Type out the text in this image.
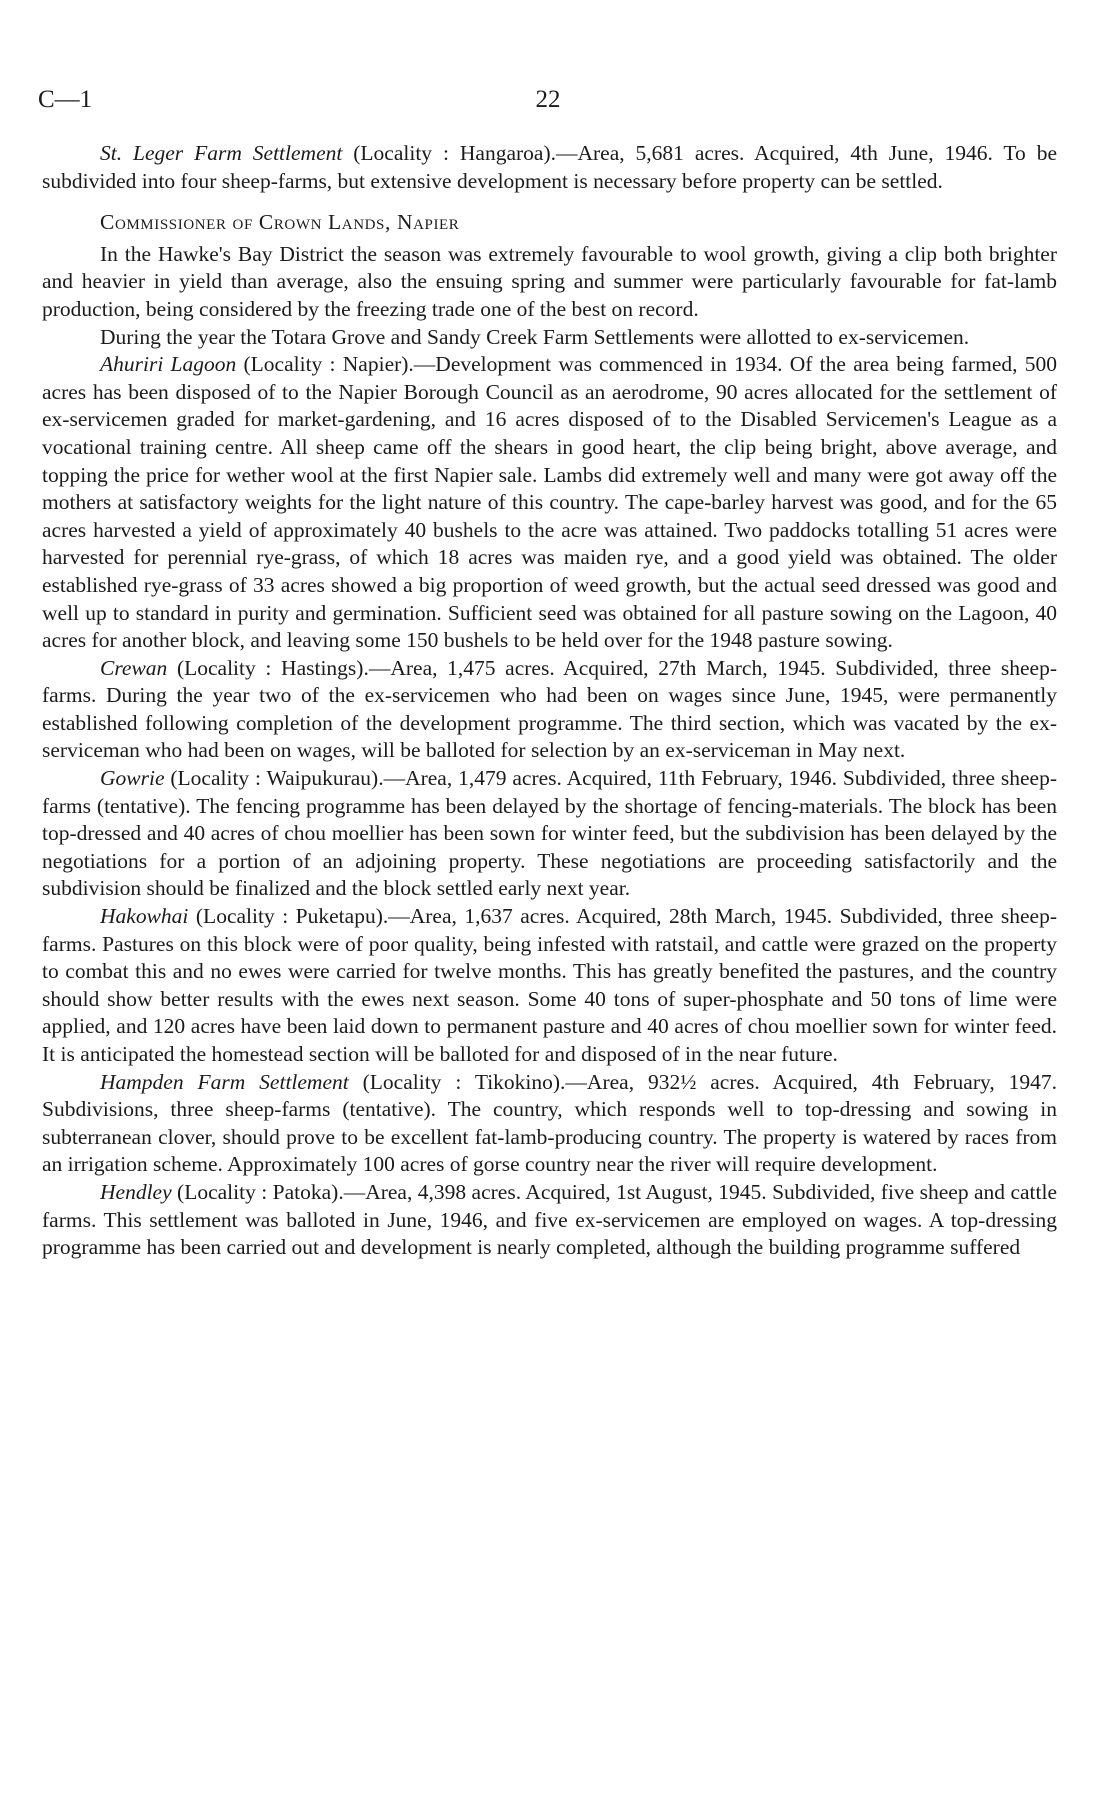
C—1	22

St. Leger Farm Settlement (Locality : Hangaroa).—Area, 5,681 acres. Acquired, 4th June, 1946. To be subdivided into four sheep-farms, but extensive development is necessary before property can be settled.

Commissioner of Crown Lands, Napier

In the Hawke's Bay District the season was extremely favourable to wool growth, giving a clip both brighter and heavier in yield than average, also the ensuing spring and summer were particularly favourable for fat-lamb production, being considered by the freezing trade one of the best on record.

During the year the Totara Grove and Sandy Creek Farm Settlements were allotted to ex-servicemen.

Ahuriri Lagoon (Locality : Napier).—Development was commenced in 1934. Of the area being farmed, 500 acres has been disposed of to the Napier Borough Council as an aerodrome, 90 acres allocated for the settlement of ex-servicemen graded for market-gardening, and 16 acres disposed of to the Disabled Servicemen's League as a vocational training centre. All sheep came off the shears in good heart, the clip being bright, above average, and topping the price for wether wool at the first Napier sale. Lambs did extremely well and many were got away off the mothers at satisfactory weights for the light nature of this country. The cape-barley harvest was good, and for the 65 acres harvested a yield of approximately 40 bushels to the acre was attained. Two paddocks totalling 51 acres were harvested for perennial rye-grass, of which 18 acres was maiden rye, and a good yield was obtained. The older established rye-grass of 33 acres showed a big proportion of weed growth, but the actual seed dressed was good and well up to standard in purity and germination. Sufficient seed was obtained for all pasture sowing on the Lagoon, 40 acres for another block, and leaving some 150 bushels to be held over for the 1948 pasture sowing.

Crewan (Locality : Hastings).—Area, 1,475 acres. Acquired, 27th March, 1945. Subdivided, three sheep-farms. During the year two of the ex-servicemen who had been on wages since June, 1945, were permanently established following completion of the development programme. The third section, which was vacated by the ex-serviceman who had been on wages, will be balloted for selection by an ex-serviceman in May next.

Gowrie (Locality : Waipukurau).—Area, 1,479 acres. Acquired, 11th February, 1946. Subdivided, three sheep-farms (tentative). The fencing programme has been delayed by the shortage of fencing-materials. The block has been top-dressed and 40 acres of chou moellier has been sown for winter feed, but the subdivision has been delayed by the negotiations for a portion of an adjoining property. These negotiations are proceeding satisfactorily and the subdivision should be finalized and the block settled early next year.

Hakowhai (Locality : Puketapu).—Area, 1,637 acres. Acquired, 28th March, 1945. Subdivided, three sheep-farms. Pastures on this block were of poor quality, being infested with ratstail, and cattle were grazed on the property to combat this and no ewes were carried for twelve months. This has greatly benefited the pastures, and the country should show better results with the ewes next season. Some 40 tons of super-phosphate and 50 tons of lime were applied, and 120 acres have been laid down to permanent pasture and 40 acres of chou moellier sown for winter feed. It is anticipated the homestead section will be balloted for and disposed of in the near future.

Hampden Farm Settlement (Locality : Tikokino).—Area, 932½ acres. Acquired, 4th February, 1947. Subdivisions, three sheep-farms (tentative). The country, which responds well to top-dressing and sowing in subterranean clover, should prove to be excellent fat-lamb-producing country. The property is watered by races from an irrigation scheme. Approximately 100 acres of gorse country near the river will require development.

Hendley (Locality : Patoka).—Area, 4,398 acres. Acquired, 1st August, 1945. Subdivided, five sheep and cattle farms. This settlement was balloted in June, 1946, and five ex-servicemen are employed on wages. A top-dressing programme has been carried out and development is nearly completed, although the building programme suffered
